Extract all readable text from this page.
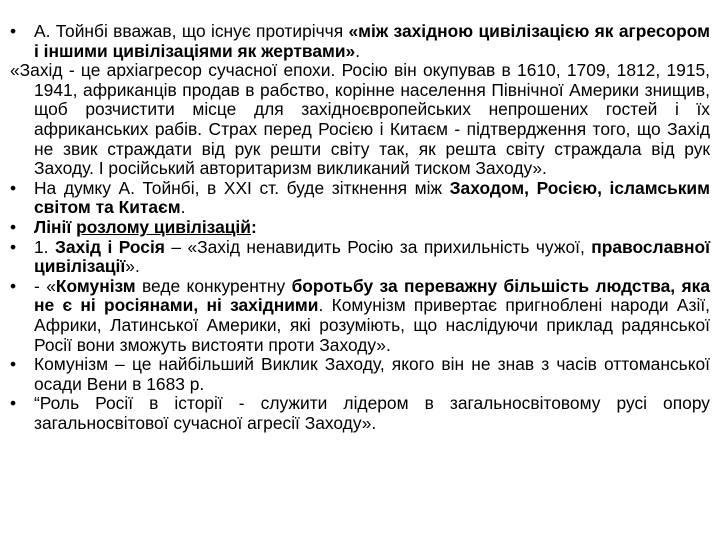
•	А. Тойнбі вважав, що існує протиріччя «між західною цивілізацією як агресором і іншими цивілізаціями як жертвами».
«Захід - це архіагресор сучасної епохи. Росію він окупував в 1610, 1709, 1812, 1915, 1941, африканців продав в рабство, корінне населення Північної Америки знищив, щоб розчистити місце для західноєвропейських непрошених гостей і їх африканських рабів. Страх перед Росією і Китаєм - підтвердження того, що Захід не звик страждати від рук решти світу так, як решта світу страждала від рук Заходу. І російський авторитаризм викликаний тиском Заходу».
•	На думку А. Тойнбі, в ХХІ ст. буде зіткнення між Заходом, Росією, ісламським світом та Китаєм.
•	Лінії розлому цивілізацій:
•	1. Захід і Росія – «Захід ненавидить Росію за прихильність чужої, православної цивілізації».
•	- «Комунізм веде конкурентну боротьбу за переважну більшість людства, яка не є ні росіянами, ні західними. Комунізм привертає пригноблені народи Азії, Африки, Латинської Америки, які розуміють, що наслідуючи приклад радянської Росії вони зможуть вистояти проти Заходу».
•	Комунізм – це найбільший Виклик Заходу, якого він не знав з часів оттоманської осади Вени в 1683 р.
•	“Роль Росії в історії - служити лідером в загальносвітовому русі опору загальносвітової сучасної агресії Заходу».
